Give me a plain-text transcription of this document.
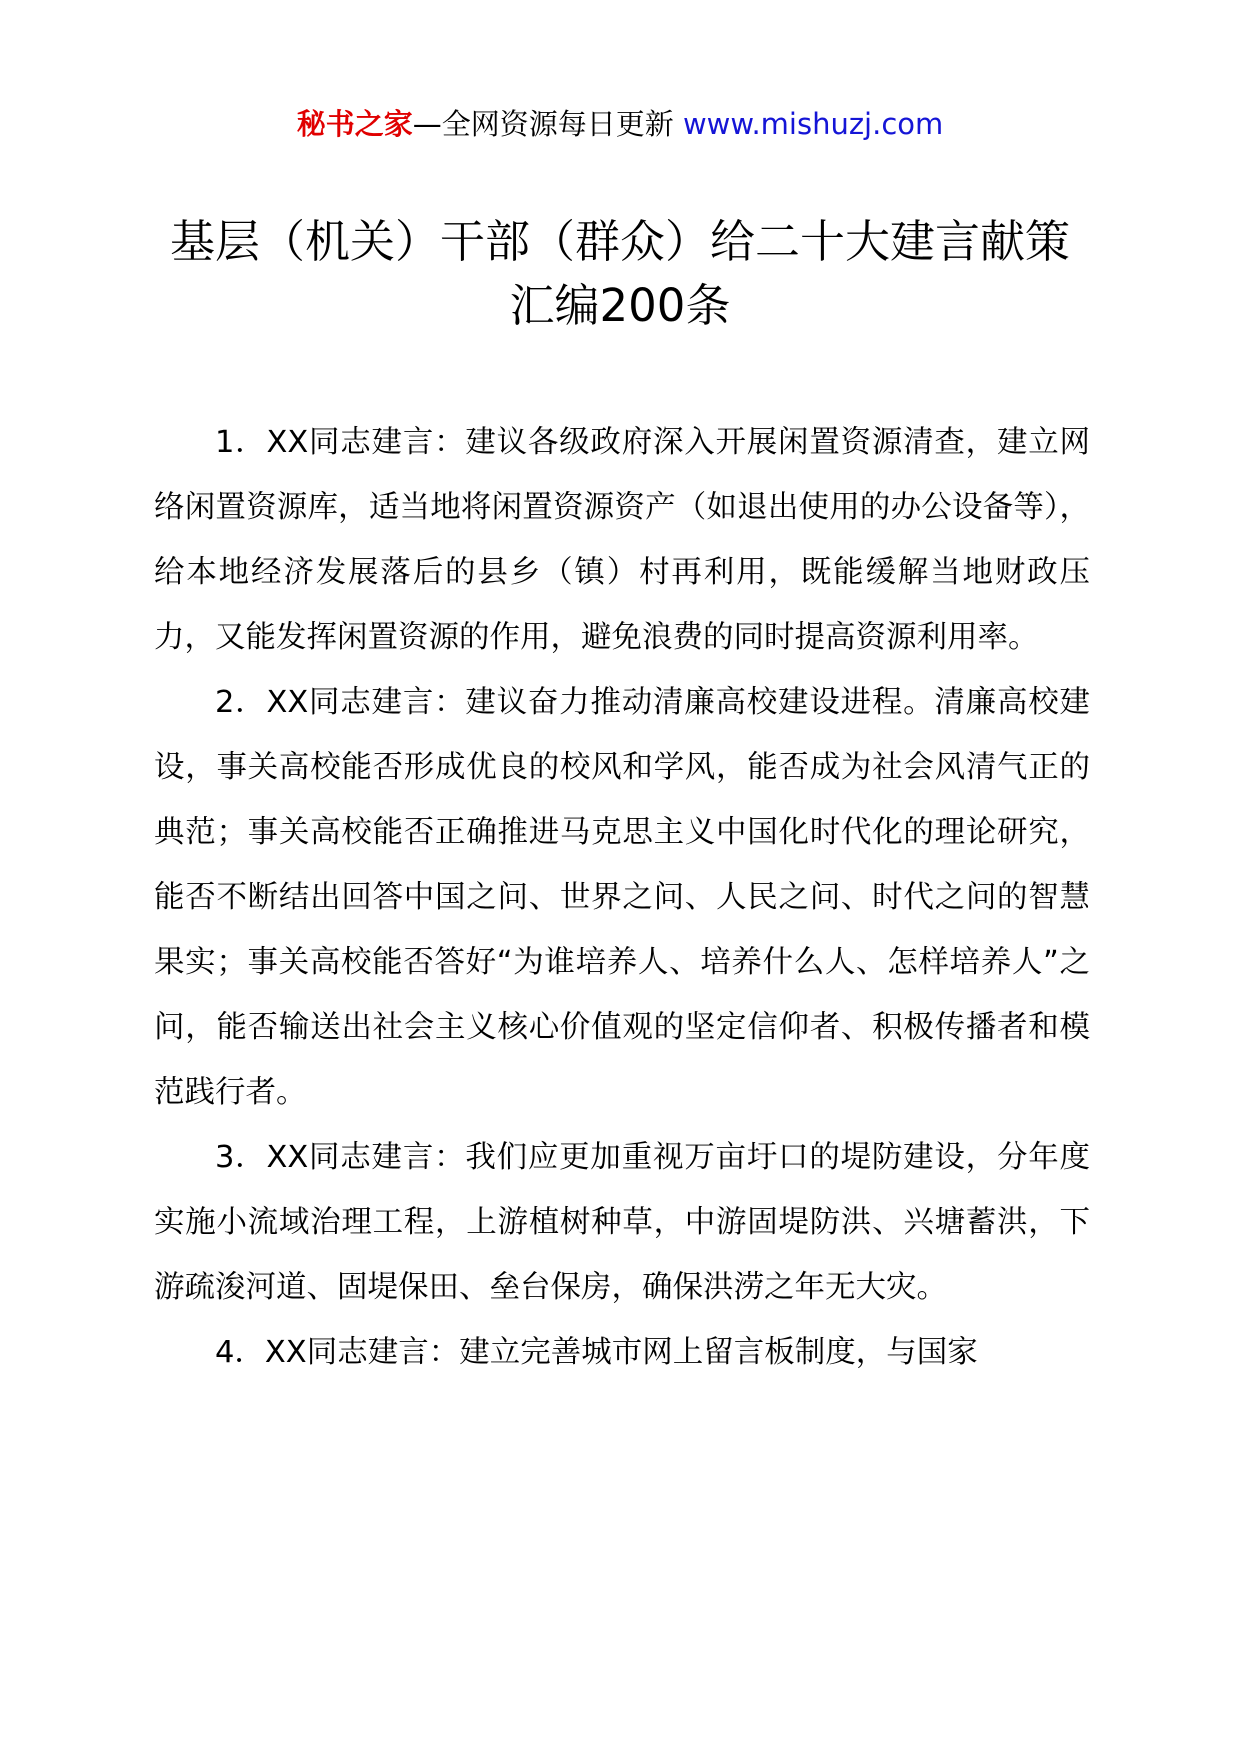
秘书之家—全网资源每日更新 www.mishuzj.com
基层（机关）干部（群众）给二十大建言献策
汇编200条

1．XX同志建言：建议各级政府深入开展闲置资源清查，建立网络闲置资源库，适当地将闲置资源资产（如退出使用的办公设备等），给本地经济发展落后的县乡（镇）村再利用，既能缓解当地财政压力，又能发挥闲置资源的作用，避免浪费的同时提高资源利用率。

2．XX同志建言：建议奋力推动清廉高校建设进程。清廉高校建设，事关高校能否形成优良的校风和学风，能否成为社会风清气正的典范；事关高校能否正确推进马克思主义中国化时代化的理论研究，能否不断结出回答中国之问、世界之问、人民之问、时代之问的智慧果实；事关高校能否答好“为谁培养人、培养什么人、怎样培养人”之问，能否输送出社会主义核心价值观的坚定信仰者、积极传播者和模范践行者。

3．XX同志建言：我们应更加重视万亩圩口的堤防建设，分年度实施小流域治理工程，上游植树种草，中游固堤防洪、兴塘蓄洪，下游疏浚河道、固堤保田、垒台保房，确保洪涝之年无大灾。

4．XX同志建言：建立完善城市网上留言板制度，与国家
